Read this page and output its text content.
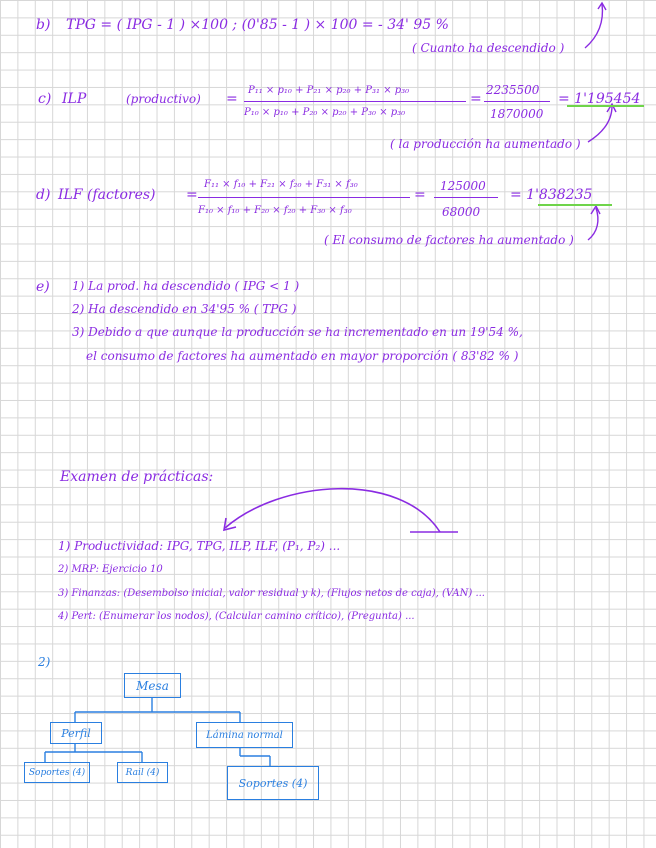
b) TPG = ( IPG - 1 ) ×100 ; (0'85 - 1 ) × 100 = - 34' 95 %
( Cuanto ha descendido )
c) ILP	(productivo) =
P₁₁ × p₁₀ + P₂₁ × p₂₀ + P₃₁ × p₃₀
P₁₀ × p₁₀ + P₂₀ × p₂₀ + P₃₀ × p₃₀
=
2235500
1870000
= 1'195454
( la producción ha aumentado )
d) ILF (factores) =
F₁₁ × f₁₀ + F₂₁ × f₂₀ + F₃₁ × f₃₀
F₁₀ × f₁₀ + F₂₀ × f₂₀ + F₃₀ × f₃₀
=
125000
68000
= 1'838235
( El consumo de factores ha aumentado )
e) 1) La prod. ha descendido ( IPG < 1 )
2) Ha descendido en 34'95 % ( TPG )
3) Debido a que aunque la producción se ha incrementado en un 19'54 %,
el consumo de factores ha aumentado en mayor proporción ( 83'82 % )
Examen de prácticas:
1) Productividad: IPG, TPG, ILP, ILF, (P₁, P₂) ...
2) MRP: Ejercicio 10
3) Finanzas: (Desembolso inicial, valor residual y k), (Flujos netos de caja), (VAN) ...
4) Pert: (Enumerar los nodos), (Calcular camino crítico), (Pregunta) ...
2)
Mesa
Perfil	Lámina normal
Soportes (4)	Rail (4)
Soportes (4)
